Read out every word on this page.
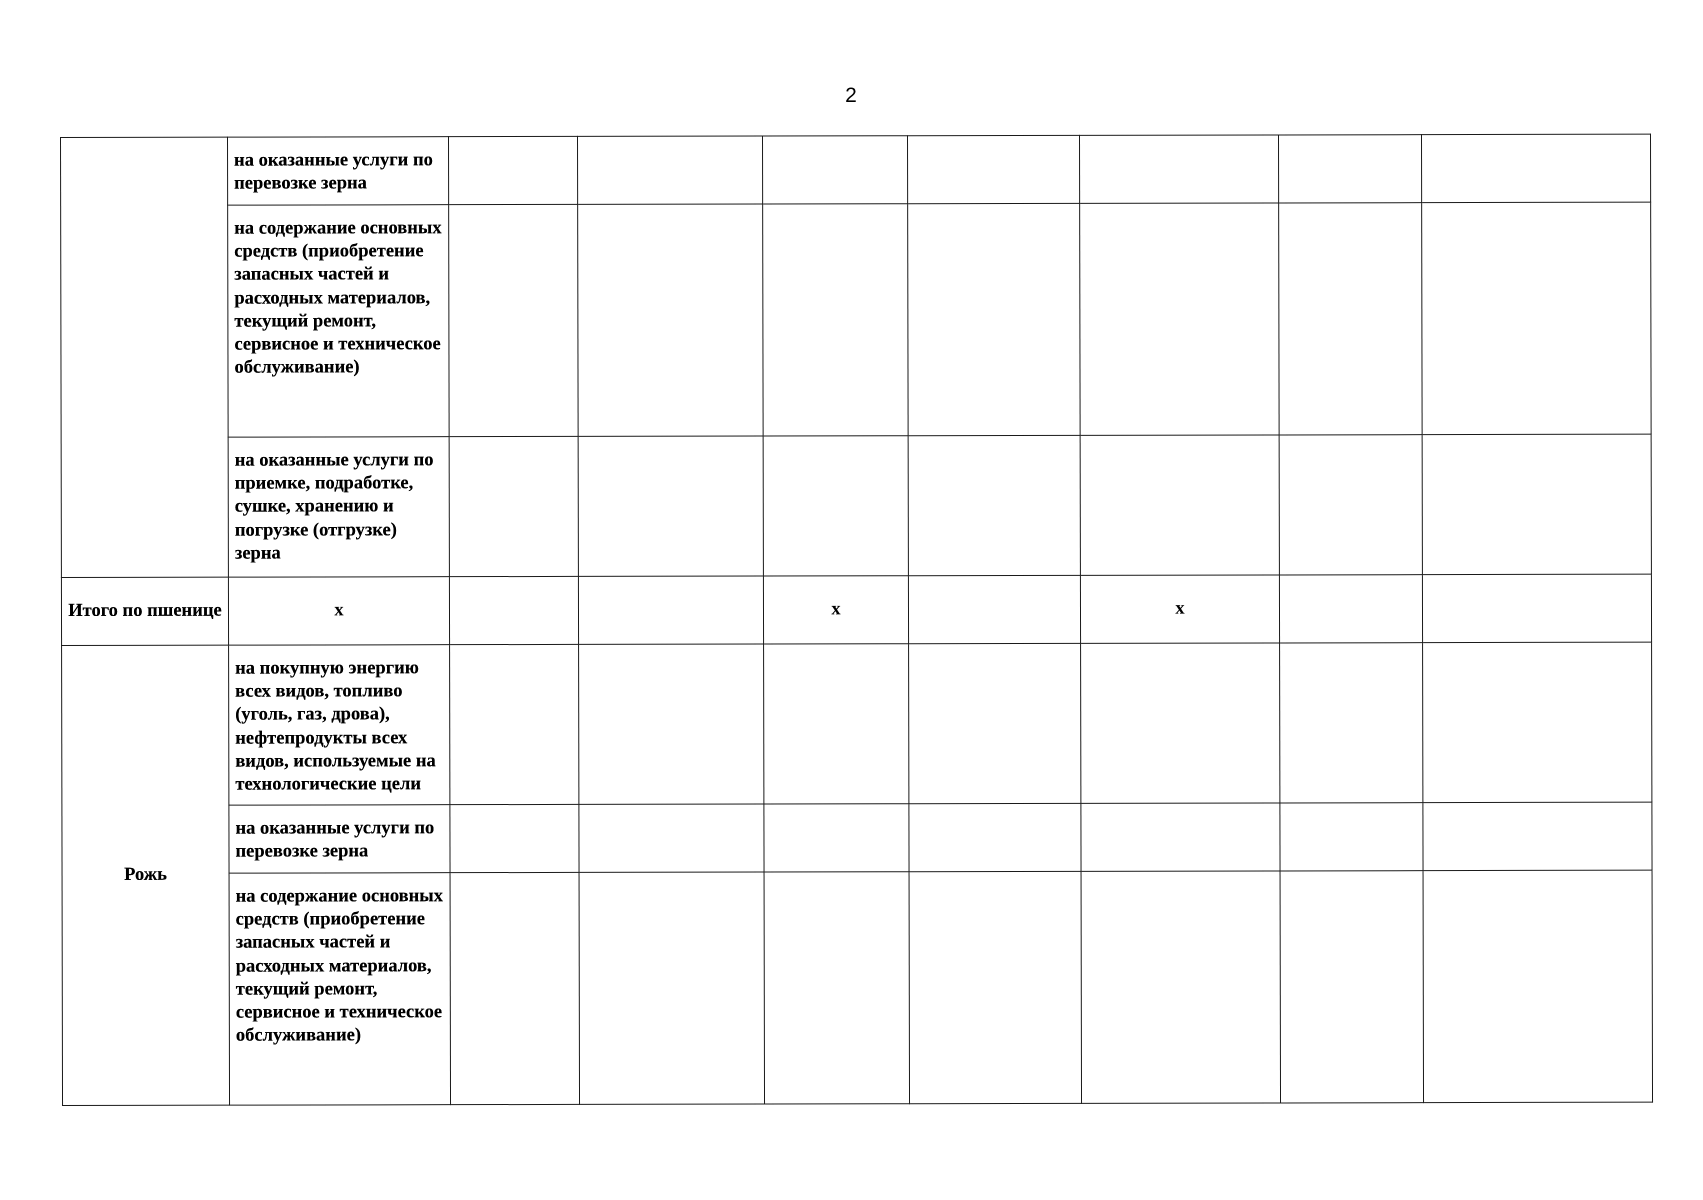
2
	на оказанные услуги по перевозке зерна							
	на содержание основных средств (приобретение запасных частей и расходных материалов, текущий ремонт, сервисное и техническое обслуживание)							
	на оказанные услуги по приемке, подработке, сушке, хранению и погрузке (отгрузке) зерна							
Итого по пшенице	х			х		х		
Рожь	на покупную энергию всех видов, топливо (уголь, газ, дрова), нефтепродукты всех видов, используемые на технологические цели							
	на оказанные услуги по перевозке зерна							
	на содержание основных средств (приобретение запасных частей и расходных материалов, текущий ремонт, сервисное и техническое обслуживание)							
